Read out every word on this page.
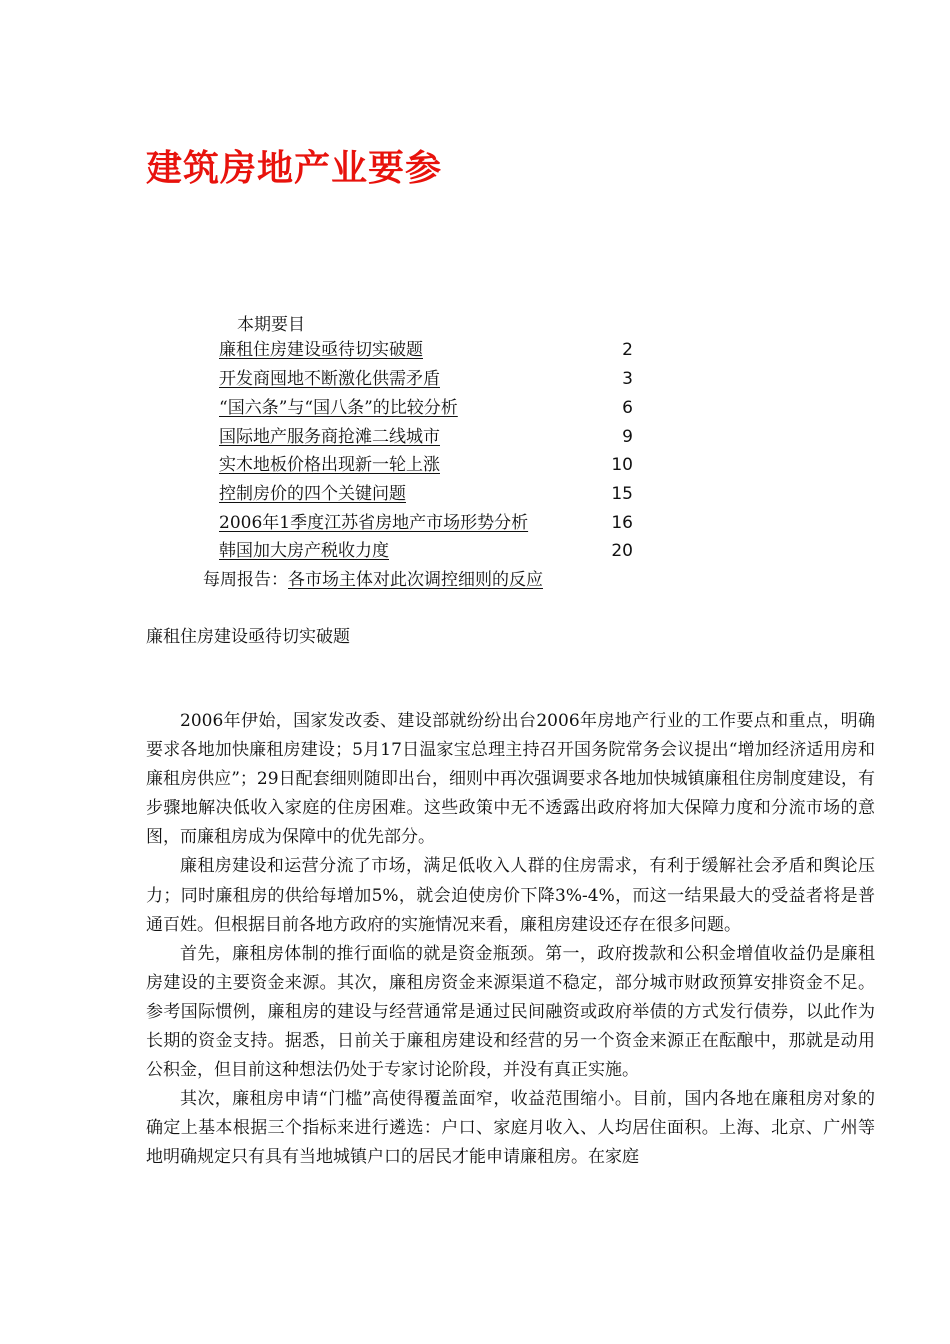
建筑房地产业要参
本期要目
廉租住房建设亟待切实破题	2
开发商囤地不断激化供需矛盾	3
“国六条”与“国八条”的比较分析	6
国际地产服务商抢滩二线城市	9
实木地板价格出现新一轮上涨	10
控制房价的四个关键问题	15
2006年1季度江苏省房地产市场形势分析	16
韩国加大房产税收力度	20
每周报告：各市场主体对此次调控细则的反应
廉租住房建设亟待切实破题

2006年伊始，国家发改委、建设部就纷纷出台2006年房地产行业的工作要点和重点，明确要求各地加快廉租房建设；5月17日温家宝总理主持召开国务院常务会议提出“增加经济适用房和廉租房供应”；29日配套细则随即出台，细则中再次强调要求各地加快城镇廉租住房制度建设，有步骤地解决低收入家庭的住房困难。这些政策中无不透露出政府将加大保障力度和分流市场的意图，而廉租房成为保障中的优先部分。

廉租房建设和运营分流了市场，满足低收入人群的住房需求，有利于缓解社会矛盾和舆论压力；同时廉租房的供给每增加5%，就会迫使房价下降3%-4%，而这一结果最大的受益者将是普通百姓。但根据目前各地方政府的实施情况来看，廉租房建设还存在很多问题。

首先，廉租房体制的推行面临的就是资金瓶颈。第一，政府拨款和公积金增值收益仍是廉租房建设的主要资金来源。其次，廉租房资金来源渠道不稳定，部分城市财政预算安排资金不足。参考国际惯例，廉租房的建设与经营通常是通过民间融资或政府举债的方式发行债券，以此作为长期的资金支持。据悉，日前关于廉租房建设和经营的另一个资金来源正在酝酿中，那就是动用公积金，但目前这种想法仍处于专家讨论阶段，并没有真正实施。

其次，廉租房申请“门槛”高使得覆盖面窄，收益范围缩小。目前，国内各地在廉租房对象的确定上基本根据三个指标来进行遴选：户口、家庭月收入、人均居住面积。上海、北京、广州等地明确规定只有具有当地城镇户口的居民才能申请廉租房。在家庭
